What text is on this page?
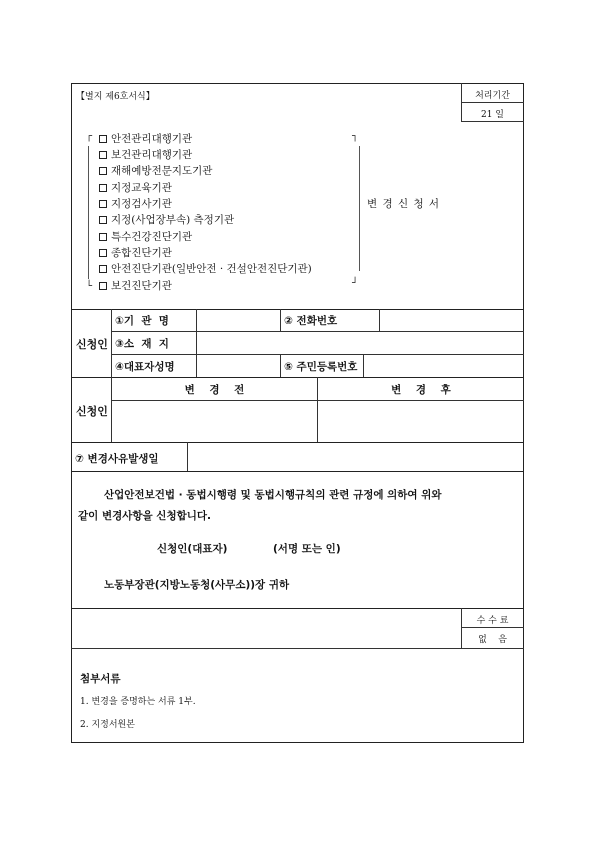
【별지 제6호서식】	처리기간
21 일
┌	┐
└	┘
안전관리대행기관
보건관리대행기관
재해예방전문지도기관
지정교육기관
지정검사기관
지정(사업장부속) 측정기관
특수건강진단기관
종합진단기관
안전진단기관(일반안전 · 건설안전진단기관)
보건진단기관
변 경 신 청 서
신청인
①기  관  명	② 전화번호
③소  재  지
④대표자성명	⑤ 주민등록번호
신청인
변    경    전	변    경    후
⑦ 변경사유발생일
산업안전보건법 · 동법시행령 및 동법시행규칙의 관련 규정에 의하여 위와
같이 변경사항을 신청합니다.
신청인(대표자)	(서명 또는 인)
노동부장관(지방노동청(사무소))장 귀하
수 수 료
없    음
첨부서류
1. 변경을 증명하는 서류 1부.
2. 지정서원본
